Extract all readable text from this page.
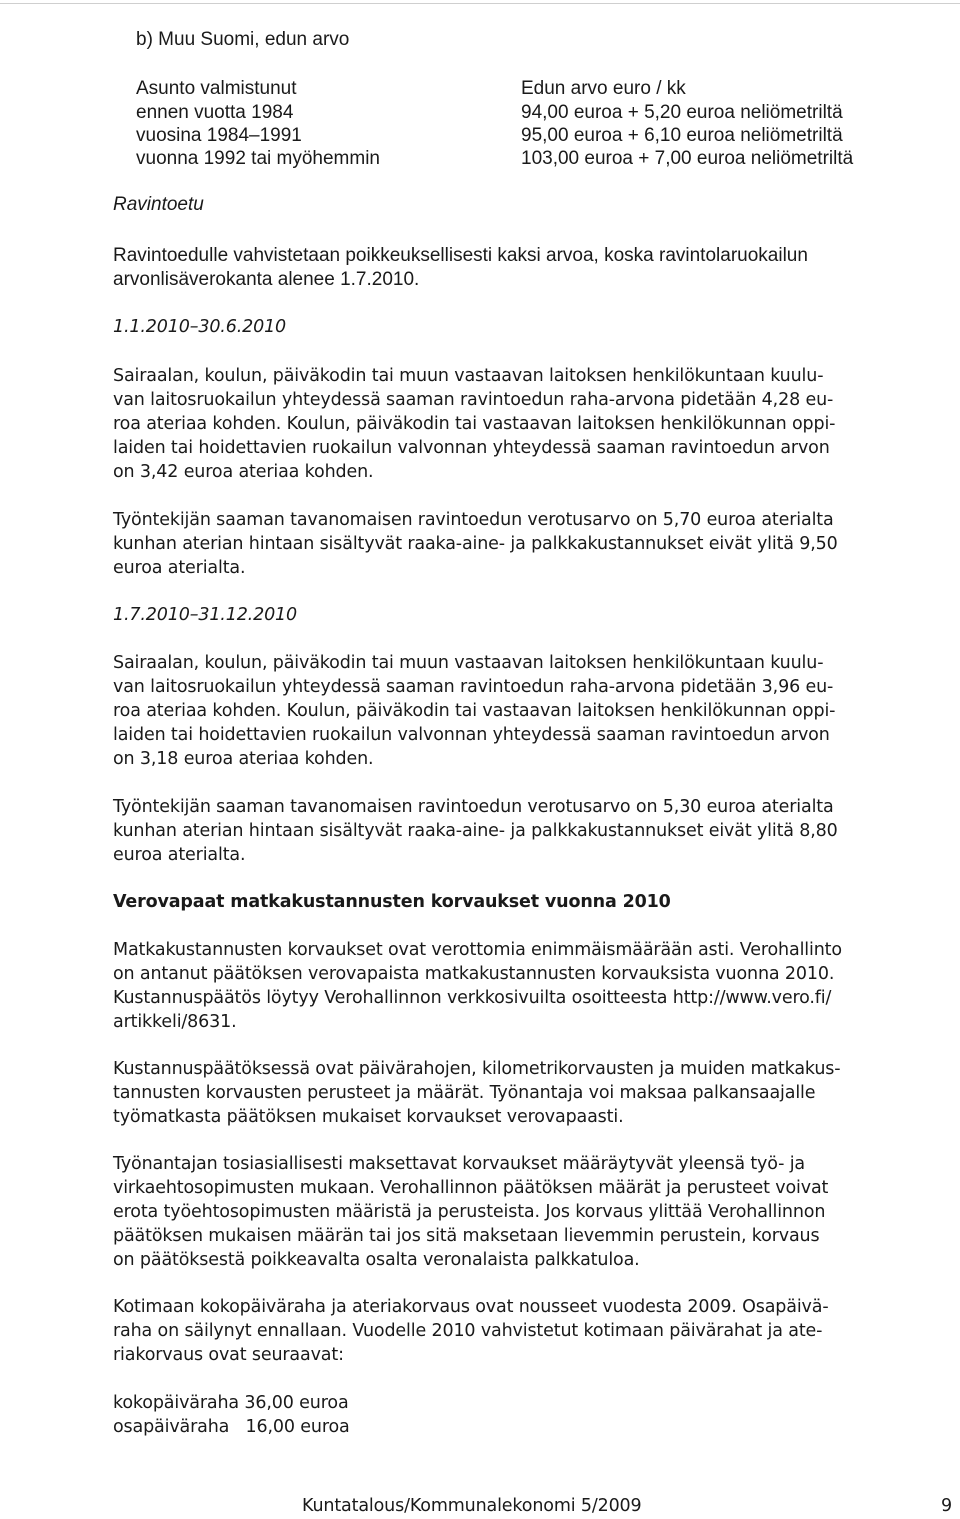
b) Muu Suomi, edun arvo
Asunto valmistunut
ennen vuotta 1984
vuosina 1984–1991
vuonna 1992 tai myöhemmin
Edun arvo euro / kk
94,00 euroa + 5,20 euroa neliömetriltä
95,00 euroa + 6,10 euroa neliömetriltä
103,00 euroa + 7,00 euroa neliömetriltä
Ravintoetu
Ravintoedulle vahvistetaan poikkeuksellisesti kaksi arvoa, koska ravintolaruokailun
arvonlisäverokanta alenee 1.7.2010.
1.1.2010–30.6.2010
Sairaalan, koulun, päiväkodin tai muun vastaavan laitoksen henkilökuntaan kuulu-
van laitosruokailun yhteydessä saaman ravintoedun raha-arvona pidetään 4,28 eu-
roa ateriaa kohden. Koulun, päiväkodin tai vastaavan laitoksen henkilökunnan oppi-
laiden tai hoidettavien ruokailun valvonnan yhteydessä saaman ravintoedun arvon
on 3,42 euroa ateriaa kohden.
Työntekijän saaman tavanomaisen ravintoedun verotusarvo on 5,70 euroa aterialta
kunhan aterian hintaan sisältyvät raaka-aine- ja palkkakustannukset eivät ylitä 9,50
euroa aterialta.
1.7.2010–31.12.2010
Sairaalan, koulun, päiväkodin tai muun vastaavan laitoksen henkilökuntaan kuulu-
van laitosruokailun yhteydessä saaman ravintoedun raha-arvona pidetään 3,96 eu-
roa ateriaa kohden. Koulun, päiväkodin tai vastaavan laitoksen henkilökunnan oppi-
laiden tai hoidettavien ruokailun valvonnan yhteydessä saaman ravintoedun arvon
on 3,18 euroa ateriaa kohden.
Työntekijän saaman tavanomaisen ravintoedun verotusarvo on 5,30 euroa aterialta
kunhan aterian hintaan sisältyvät raaka-aine- ja palkkakustannukset eivät ylitä 8,80
euroa aterialta.
Verovapaat matkakustannusten korvaukset vuonna 2010
Matkakustannusten korvaukset ovat verottomia enimmäismäärään asti. Verohallinto
on antanut päätöksen verovapaista matkakustannusten korvauksista vuonna 2010.
Kustannuspäätös löytyy Verohallinnon verkkosivuilta osoitteesta http://www.vero.fi/
artikkeli/8631.
Kustannuspäätöksessä ovat päivärahojen, kilometrikorvausten ja muiden matkakus-
tannusten korvausten perusteet ja määrät. Työnantaja voi maksaa palkansaajalle
työmatkasta päätöksen mukaiset korvaukset verovapaasti.
Työnantajan tosiasiallisesti maksettavat korvaukset määräytyvät yleensä työ- ja
virkaehtosopimusten mukaan. Verohallinnon päätöksen määrät ja perusteet voivat
erota työehtosopimusten määristä ja perusteista. Jos korvaus ylittää Verohallinnon
päätöksen mukaisen määrän tai jos sitä maksetaan lievemmin perustein, korvaus
on päätöksestä poikkeavalta osalta veronalaista palkkatuloa.
Kotimaan kokopäiväraha ja ateriakorvaus ovat nousseet vuodesta 2009. Osapäivä-
raha on säilynyt ennallaan. Vuodelle 2010 vahvistetut kotimaan päivärahat ja ate-
riakorvaus ovat seuraavat:
kokopäiväraha 36,00 euroa
osapäiväraha   16,00 euroa
Kuntatalous/Kommunalekonomi 5/2009	9
